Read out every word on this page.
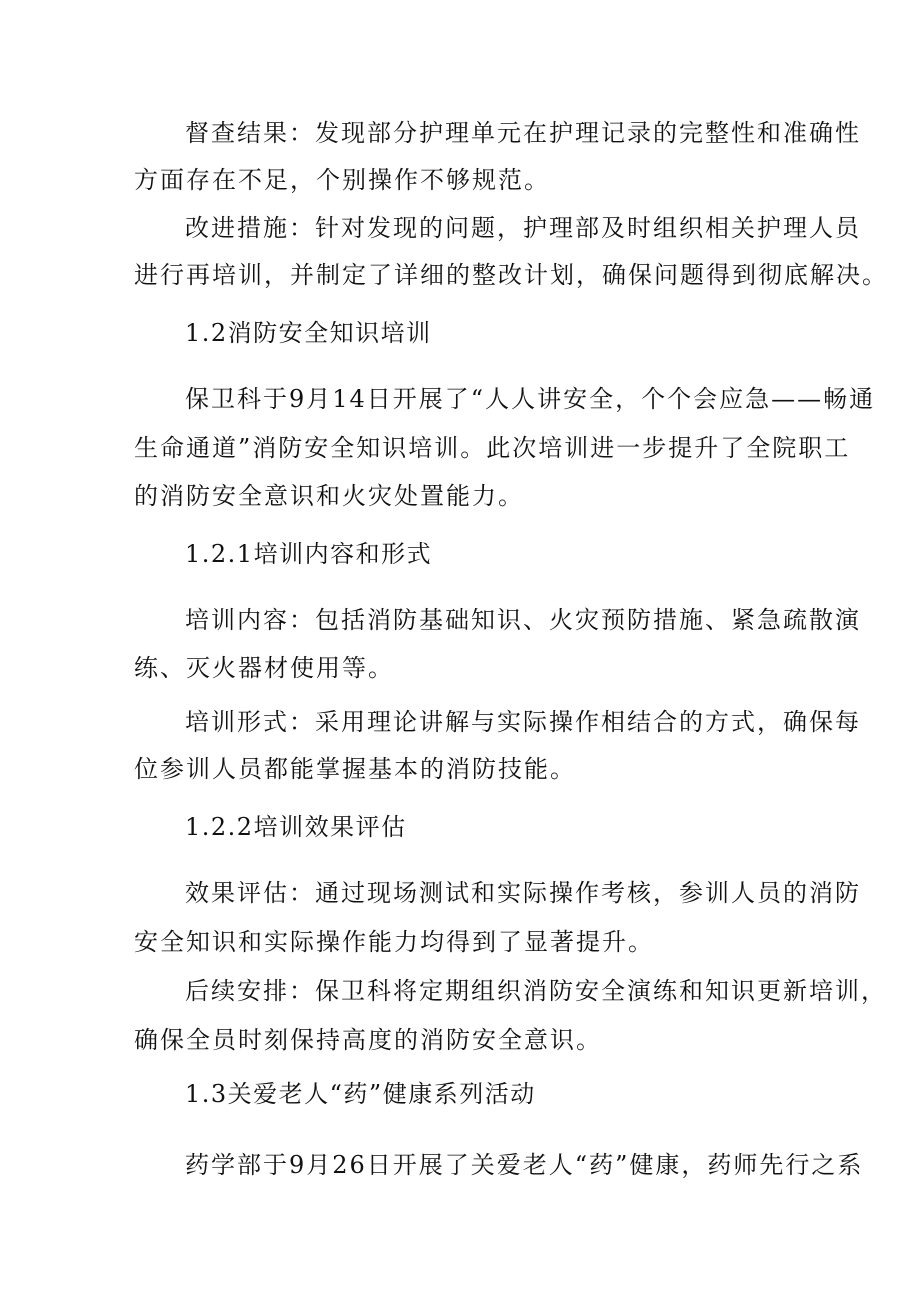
督查结果：发现部分护理单元在护理记录的完整性和准确性
方面存在不足，个别操作不够规范。
改进措施：针对发现的问题，护理部及时组织相关护理人员
进行再培训，并制定了详细的整改计划，确保问题得到彻底解决。
1.2消防安全知识培训
保卫科于9月14日开展了“人人讲安全，个个会应急——畅通
生命通道”消防安全知识培训。此次培训进一步提升了全院职工
的消防安全意识和火灾处置能力。
1.2.1培训内容和形式
培训内容：包括消防基础知识、火灾预防措施、紧急疏散演
练、灭火器材使用等。
培训形式：采用理论讲解与实际操作相结合的方式，确保每
位参训人员都能掌握基本的消防技能。
1.2.2培训效果评估
效果评估：通过现场测试和实际操作考核，参训人员的消防
安全知识和实际操作能力均得到了显著提升。
后续安排：保卫科将定期组织消防安全演练和知识更新培训，
确保全员时刻保持高度的消防安全意识。
1.3关爱老人“药”健康系列活动
药学部于9月26日开展了关爱老人“药”健康，药师先行之系
